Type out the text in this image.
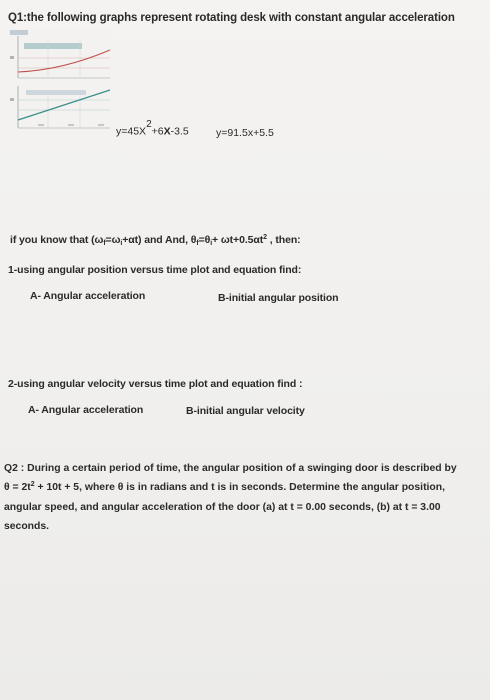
Q1:the following graphs represent rotating desk with constant angular acceleration
$y=45X^2+6X-3.5$	y=91.5x+5.5
if you know that $(\omega_f=\omega_i+\alpha t)$ and And, $\theta_f=\theta_i+ \omega t+0.5\alpha t^2$ , then:
1-using angular position versus time plot and equation find:
A- Angular acceleration	B-initial angular position
2-using angular velocity versus time plot and equation find :
A- Angular acceleration	B-initial angular velocity
Q2 : During a certain period of time, the angular position of a swinging door is described by
$\theta = 2t^2 + 10t + 5$, where θ is in radians and t is in seconds. Determine the angular position,
angular speed, and angular acceleration of the door (a) at t = 0.00 seconds, (b) at t = 3.00
seconds.
